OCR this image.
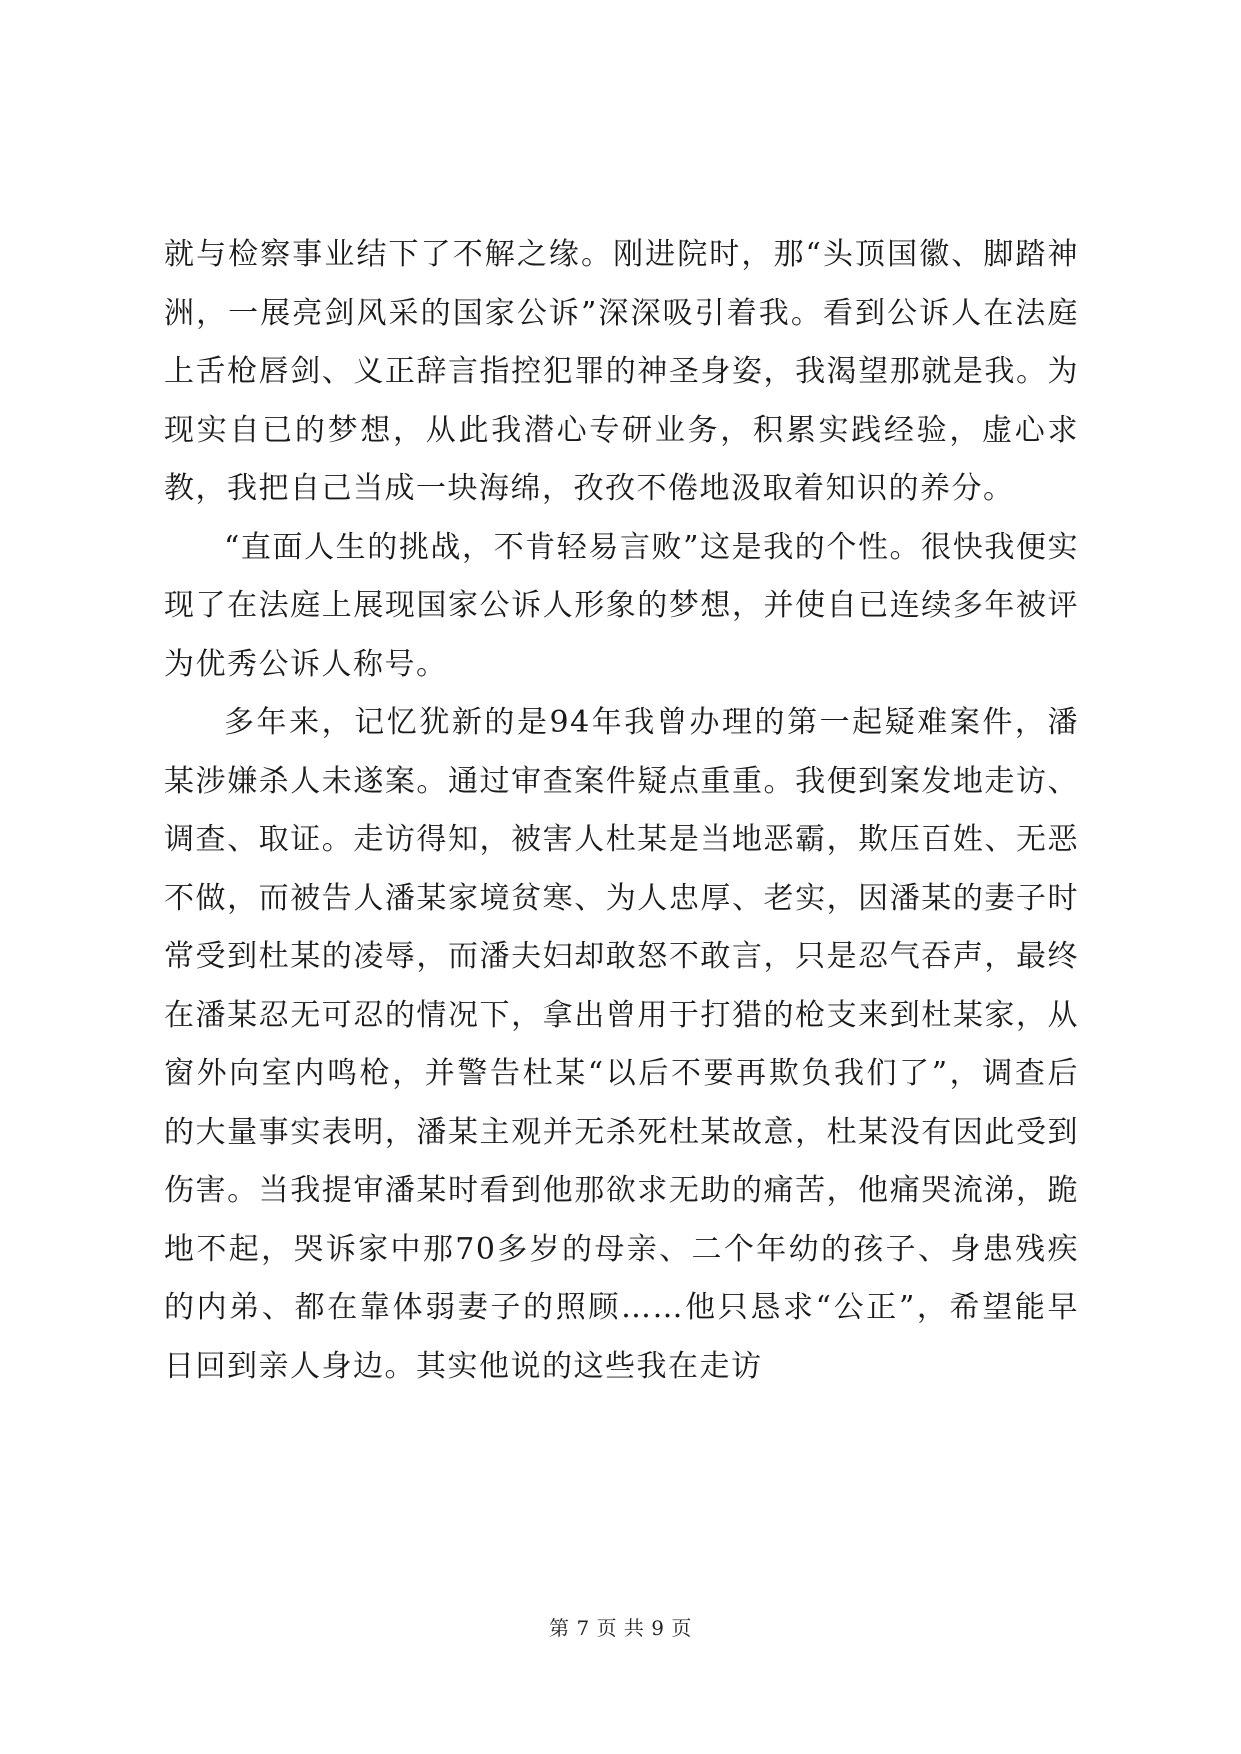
就与检察事业结下了不解之缘。刚进院时，那“头顶国徽、脚踏神洲，一展亮剑风采的国家公诉”深深吸引着我。看到公诉人在法庭上舌枪唇剑、义正辞言指控犯罪的神圣身姿，我渴望那就是我。为现实自已的梦想，从此我潜心专研业务，积累实践经验，虚心求教，我把自己当成一块海绵，孜孜不倦地汲取着知识的养分。

“直面人生的挑战，不肯轻易言败”这是我的个性。很快我便实现了在法庭上展现国家公诉人形象的梦想，并使自已连续多年被评为优秀公诉人称号。

多年来，记忆犹新的是94年我曾办理的第一起疑难案件，潘某涉嫌杀人未遂案。通过审查案件疑点重重。我便到案发地走访、调查、取证。走访得知，被害人杜某是当地恶霸，欺压百姓、无恶不做，而被告人潘某家境贫寒、为人忠厚、老实，因潘某的妻子时常受到杜某的凌辱，而潘夫妇却敢怒不敢言，只是忍气吞声，最终在潘某忍无可忍的情况下，拿出曾用于打猎的枪支来到杜某家，从窗外向室内鸣枪，并警告杜某“以后不要再欺负我们了”，调查后的大量事实表明，潘某主观并无杀死杜某故意，杜某没有因此受到伤害。当我提审潘某时看到他那欲求无助的痛苦，他痛哭流涕，跪地不起，哭诉家中那70多岁的母亲、二个年幼的孩子、身患残疾的内弟、都在靠体弱妻子的照顾……他只恳求“公正”，希望能早日回到亲人身边。其实他说的这些我在走访

第 7 页 共 9 页
